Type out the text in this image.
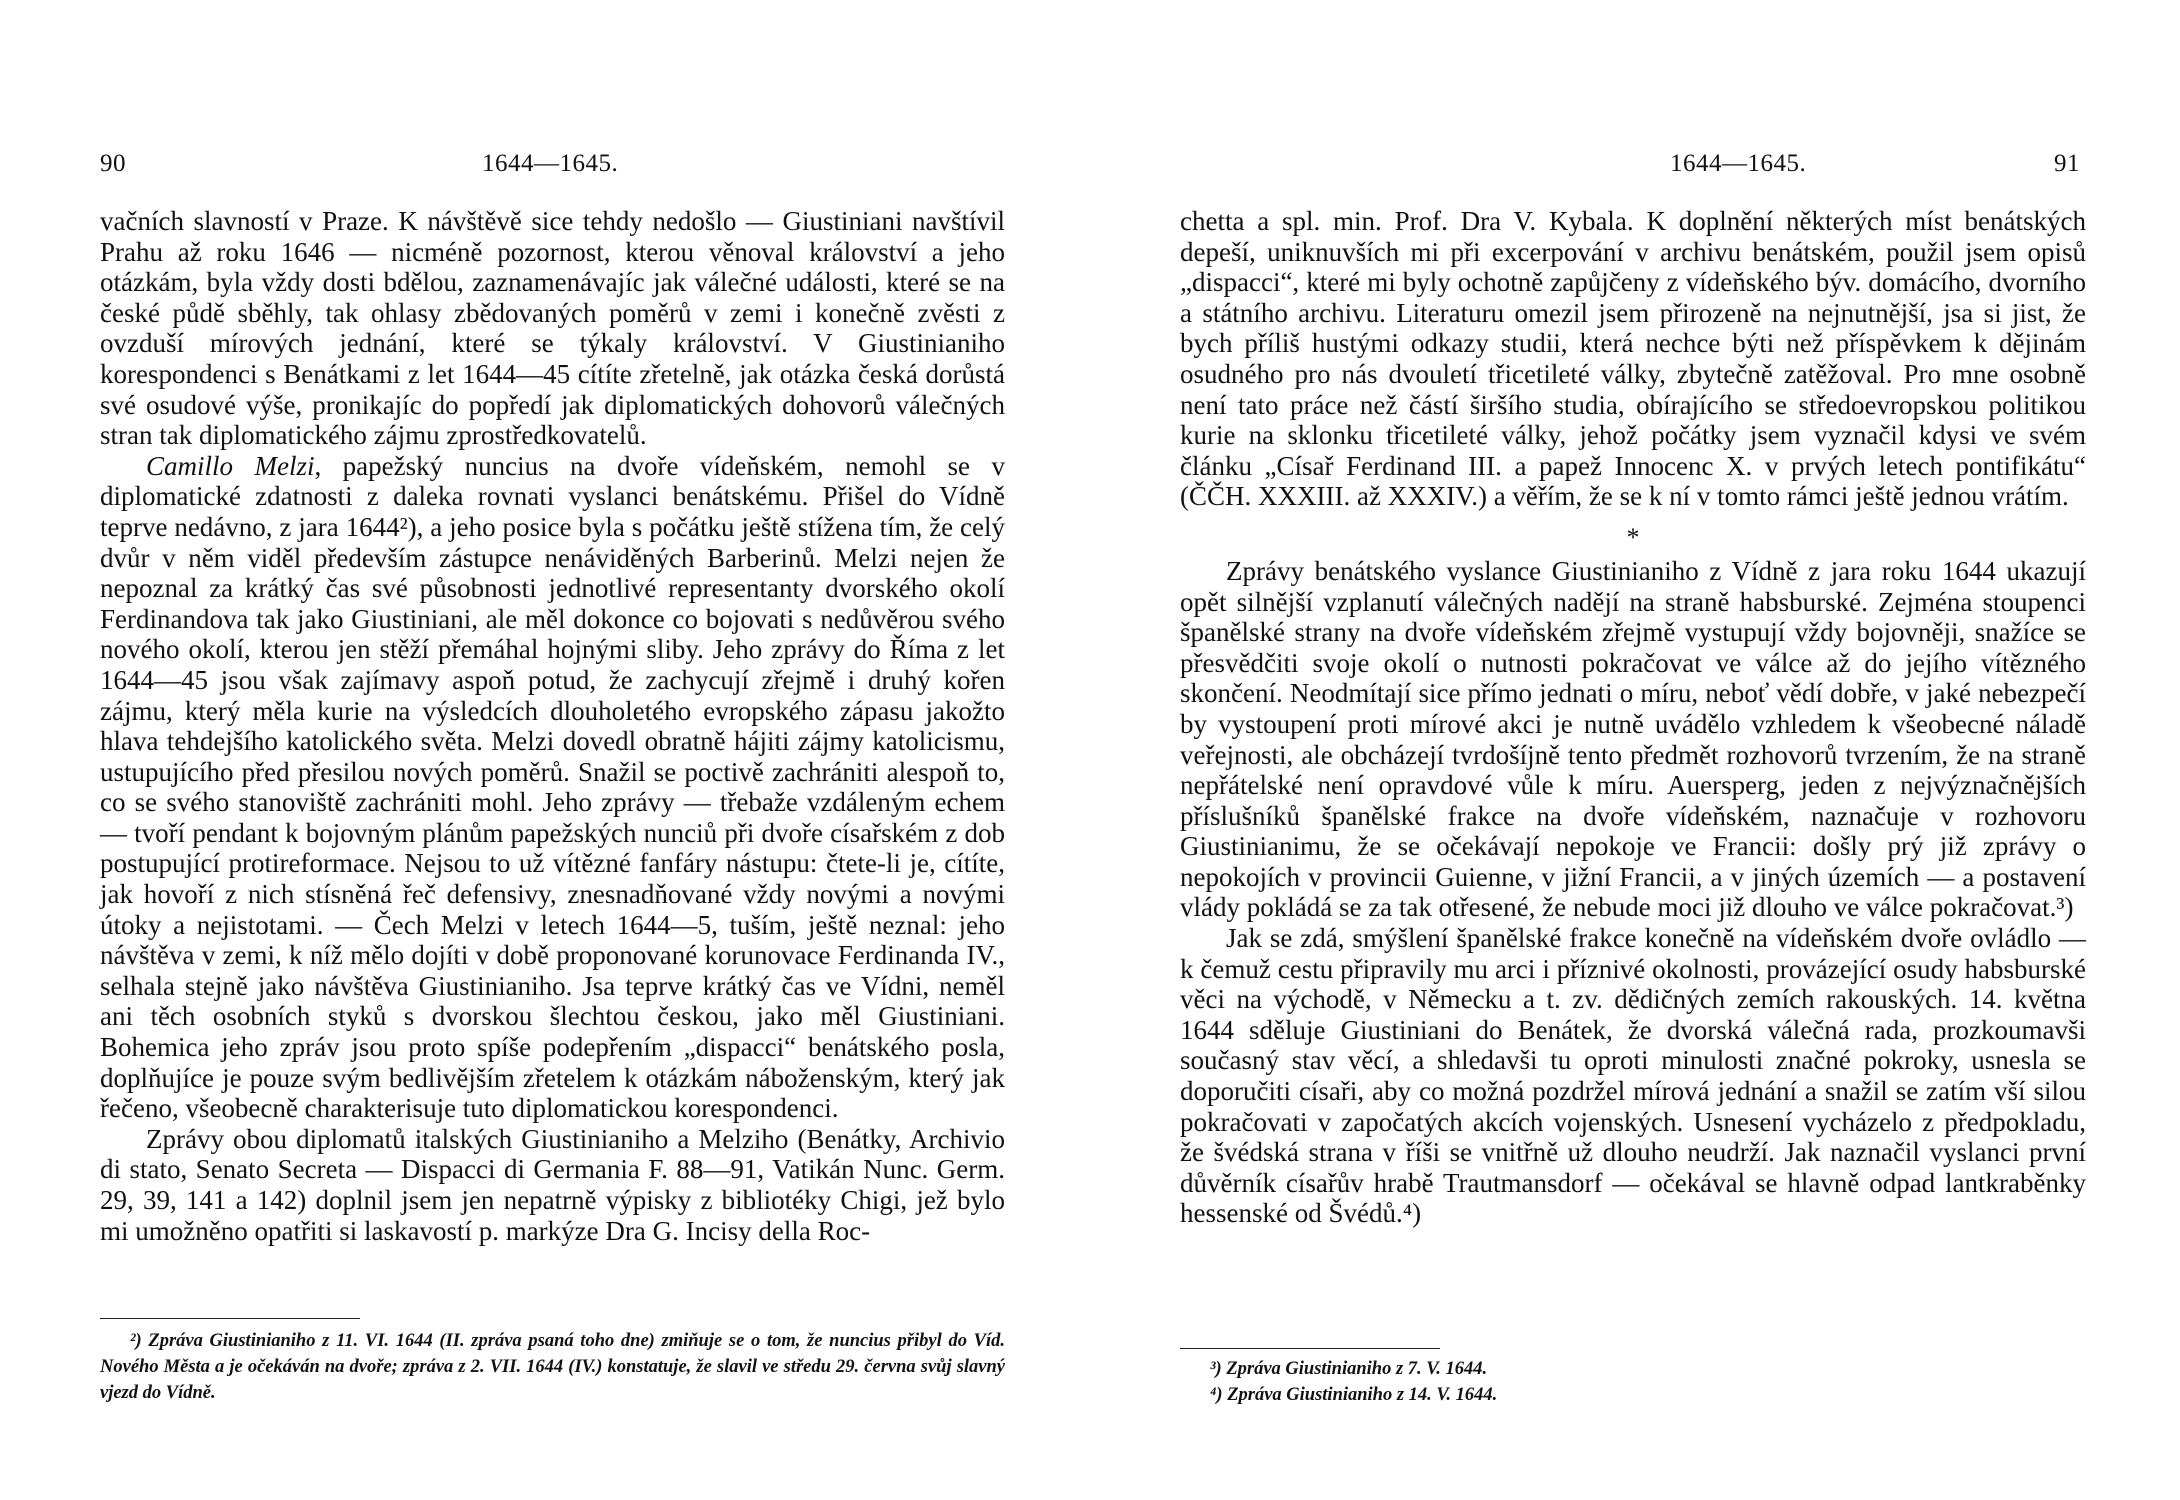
90	1644—1645.

vačních slavností v Praze. K návštěvě sice tehdy nedošlo — Giustiniani navštívil Prahu až roku 1646 — nicméně pozornost, kterou věnoval království a jeho otázkám, byla vždy dosti bdělou, zaznamenávajíc jak válečné události, které se na české půdě sběhly, tak ohlasy zbědovaných poměrů v zemi i konečně zvěsti z ovzduší mírových jednání, které se týkaly království. V Giustinianiho korespondenci s Benátkami z let 1644—45 cítíte zřetelně, jak otázka česká dorůstá své osudové výše, pronikajíc do popředí jak diplomatických dohovorů válečných stran tak diplomatického zájmu zprostředkovatelů.

Camillo Melzi, papežský nuncius na dvoře vídeňském, nemohl se v diplomatické zdatnosti z daleka rovnati vyslanci benátskému. Přišel do Vídně teprve nedávno, z jara 1644²), a jeho posice byla s počátku ještě stížena tím, že celý dvůr v něm viděl především zástupce nenáviděných Barberinů. Melzi nejen že nepoznal za krátký čas své působnosti jednotlivé representanty dvorského okolí Ferdinandova tak jako Giustiniani, ale měl dokonce co bojovati s nedůvěrou svého nového okolí, kterou jen stěží přemáhal hojnými sliby. Jeho zprávy do Říma z let 1644—45 jsou však zajímavy aspoň potud, že zachycují zřejmě i druhý kořen zájmu, který měla kurie na výsledcích dlouholetého evropského zápasu jakožto hlava tehdejšího katolického světa. Melzi dovedl obratně hájiti zájmy katolicismu, ustupujícího před přesilou nových poměrů. Snažil se poctivě zachrániti alespoň to, co se svého stanoviště zachrániti mohl. Jeho zprávy — třebaže vzdáleným echem — tvoří pendant k bojovným plánům papežských nunciů při dvoře císařském z dob postupující protireformace. Nejsou to už vítězné fanfáry nástupu: čtete-li je, cítíte, jak hovoří z nich stísněná řeč defensivy, znesnadňované vždy novými a novými útoky a nejistotami. — Čech Melzi v letech 1644—5, tuším, ještě neznal: jeho návštěva v zemi, k níž mělo dojíti v době proponované korunovace Ferdinanda IV., selhala stejně jako návštěva Giustinianiho. Jsa teprve krátký čas ve Vídni, neměl ani těch osobních styků s dvorskou šlechtou českou, jako měl Giustiniani. Bohemica jeho zpráv jsou proto spíše podepřením „dispacci“ benátského posla, doplňujíce je pouze svým bedlivějším zřetelem k otázkám náboženským, který jak řečeno, všeobecně charakterisuje tuto diplomatickou korespondenci.

Zprávy obou diplomatů italských Giustinianiho a Melziho (Benátky, Archivio di stato, Senato Secreta — Dispacci di Germania F. 88—91, Vatikán Nunc. Germ. 29, 39, 141 a 142) doplnil jsem jen nepatrně výpisky z bibliotéky Chigi, jež bylo mi umožněno opatřiti si laskavostí p. markýze Dra G. Incisy della Roc-

²) Zpráva Giustinianiho z 11. VI. 1644 (II. zpráva psaná toho dne) zmiňuje se o tom, že nuncius přibyl do Víd. Nového Města a je očekáván na dvoře; zpráva z 2. VII. 1644 (IV.) konstatuje, že slavil ve středu 29. června svůj slavný vjezd do Vídně.

1644—1645.	91

chetta a spl. min. Prof. Dra V. Kybala. K doplnění některých míst benátských depeší, uniknuvších mi při excerpování v archivu benátském, použil jsem opisů „dispacci“, které mi byly ochotně zapůjčeny z vídeňského býv. domácího, dvorního a státního archivu. Literaturu omezil jsem přirozeně na nejnutnější, jsa si jist, že bych příliš hustými odkazy studii, která nechce býti než příspěvkem k dějinám osudného pro nás dvouletí třicetileté války, zbytečně zatěžoval. Pro mne osobně není tato práce než částí širšího studia, obírajícího se středoevropskou politikou kurie na sklonku třicetileté války, jehož počátky jsem vyznačil kdysi ve svém článku „Císař Ferdinand III. a papež Innocenc X. v prvých letech pontifikátu“ (ČČH. XXXIII. až XXXIV.) a věřím, že se k ní v tomto rámci ještě jednou vrátím.

*

Zprávy benátského vyslance Giustinianiho z Vídně z jara roku 1644 ukazují opět silnější vzplanutí válečných nadějí na straně habsburské. Zejména stoupenci španělské strany na dvoře vídeňském zřejmě vystupují vždy bojovněji, snažíce se přesvědčiti svoje okolí o nutnosti pokračovat ve válce až do jejího vítězného skončení. Neodmítají sice přímo jednati o míru, neboť vědí dobře, v jaké nebezpečí by vystoupení proti mírové akci je nutně uvádělo vzhledem k všeobecné náladě veřejnosti, ale obcházejí tvrdošíjně tento předmět rozhovorů tvrzením, že na straně nepřátelské není opravdové vůle k míru. Auersperg, jeden z nejvýznačnějších příslušníků španělské frakce na dvoře vídeňském, naznačuje v rozhovoru Giustinianimu, že se očekávají nepokoje ve Francii: došly prý již zprávy o nepokojích v provincii Guienne, v jižní Francii, a v jiných územích — a postavení vlády pokládá se za tak otřesené, že nebude moci již dlouho ve válce pokračovat.³)

Jak se zdá, smýšlení španělské frakce konečně na vídeňském dvoře ovládlo — k čemuž cestu připravily mu arci i příznivé okolnosti, provázející osudy habsburské věci na východě, v Německu a t. zv. dědičných zemích rakouských. 14. května 1644 sděluje Giustiniani do Benátek, že dvorská válečná rada, prozkoumavši současný stav věcí, a shledavši tu oproti minulosti značné pokroky, usnesla se doporučiti císaři, aby co možná pozdržel mírová jednání a snažil se zatím vší silou pokračovati v započatých akcích vojenských. Usnesení vycházelo z předpokladu, že švédská strana v říši se vnitřně už dlouho neudrží. Jak naznačil vyslanci první důvěrník císařův hrabě Trautmansdorf — očekával se hlavně odpad lantkraběnky hessenské od Švédů.⁴)

³) Zpráva Giustinianiho z 7. V. 1644.

⁴) Zpráva Giustinianiho z 14. V. 1644.
